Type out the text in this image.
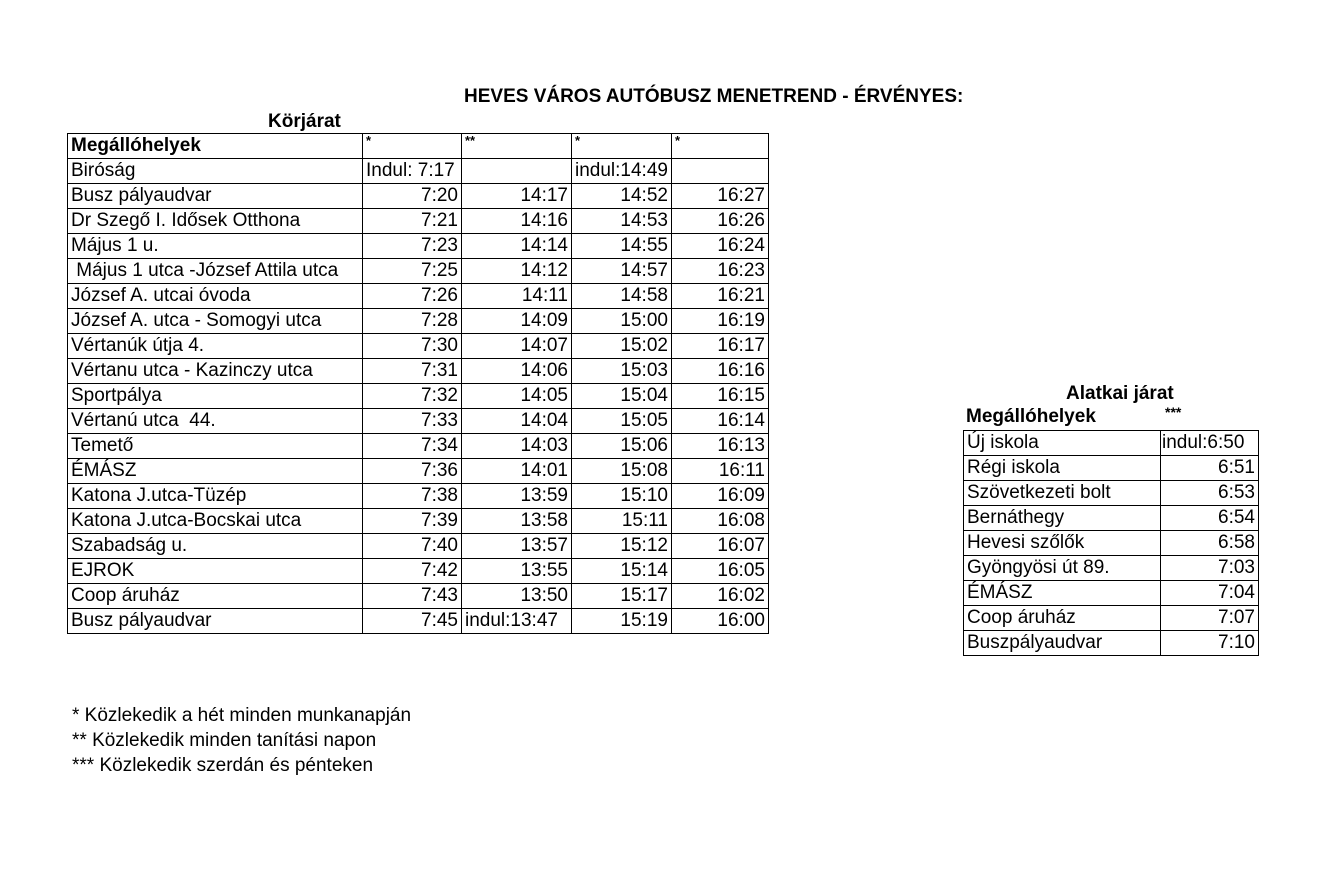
HEVES VÁROS AUTÓBUSZ MENETREND - ÉRVÉNYES:
Körjárat
Megállóhelyek	*	**	*	*
Biróság	Indul: 7:17		indul:14:49	
Busz pályaudvar	7:20	14:17	14:52	16:27
Dr Szegő I. Idősek Otthona	7:21	14:16	14:53	16:26
Május 1 u.	7:23	14:14	14:55	16:24
Május 1 utca -József Attila utca	7:25	14:12	14:57	16:23
József A. utcai óvoda	7:26	14:11	14:58	16:21
József A. utca - Somogyi utca	7:28	14:09	15:00	16:19
Vértanúk útja 4.	7:30	14:07	15:02	16:17
Vértanu utca - Kazinczy utca	7:31	14:06	15:03	16:16
Sportpálya	7:32	14:05	15:04	16:15
Vértanú utca  44.	7:33	14:04	15:05	16:14
Temető	7:34	14:03	15:06	16:13
ÉMÁSZ	7:36	14:01	15:08	16:11
Katona J.utca-Tüzép	7:38	13:59	15:10	16:09
Katona J.utca-Bocskai utca	7:39	13:58	15:11	16:08
Szabadság u.	7:40	13:57	15:12	16:07
EJROK	7:42	13:55	15:14	16:05
Coop áruház	7:43	13:50	15:17	16:02
Busz pályaudvar	7:45	indul:13:47	15:19	16:00
Alatkai járat
Megállóhelyek	***
Új iskola	indul:6:50
Régi iskola	6:51
Szövetkezeti bolt	6:53
Bernáthegy	6:54
Hevesi szőlők	6:58
Gyöngyösi út 89.	7:03
ÉMÁSZ	7:04
Coop áruház	7:07
Buszpályaudvar	7:10
* Közlekedik a hét minden munkanapján
** Közlekedik minden tanítási napon
*** Közlekedik szerdán és pénteken
